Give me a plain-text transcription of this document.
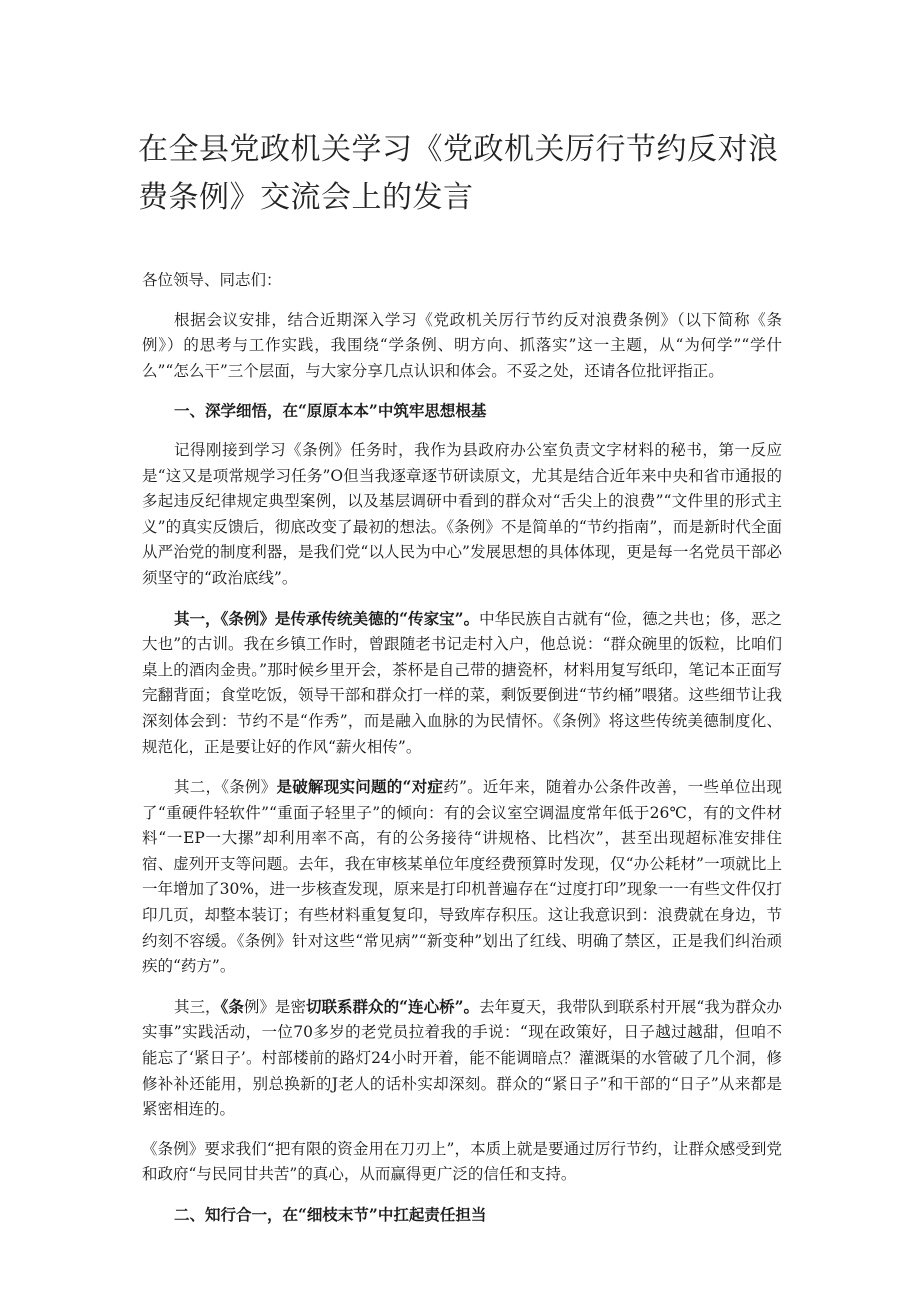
在全县党政机关学习《党政机关厉行节约反对浪费条例》交流会上的发言

各位领导、同志们：

根据会议安排，结合近期深入学习《党政机关厉行节约反对浪费条例》（以下简称《条例》）的思考与工作实践，我围绕“学条例、明方向、抓落实”这一主题，从“为何学”“学什么”“怎么干”三个层面，与大家分享几点认识和体会。不妥之处，还请各位批评指正。

一、深学细悟，在“原原本本”中筑牢思想根基

记得刚接到学习《条例》任务时，我作为县政府办公室负责文字材料的秘书，第一反应是“这又是项常规学习任务”O但当我逐章逐节研读原文，尤其是结合近年来中央和省市通报的多起违反纪律规定典型案例，以及基层调研中看到的群众对“舌尖上的浪费”“文件里的形式主义”的真实反馈后，彻底改变了最初的想法。《条例》不是简单的“节约指南”，而是新时代全面从严治党的制度利器，是我们党“以人民为中心”发展思想的具体体现，更是每一名党员干部必须坚守的“政治底线”。

其一，《条例》是传承传统美德的“传家宝”。中华民族自古就有“俭，德之共也；侈，恶之大也”的古训。我在乡镇工作时，曾跟随老书记走村入户，他总说：“群众碗里的饭粒，比咱们桌上的酒肉金贵。”那时候乡里开会，茶杯是自己带的搪瓷杯，材料用复写纸印，笔记本正面写完翻背面；食堂吃饭，领导干部和群众打一样的菜，剩饭要倒进“节约桶”喂猪。这些细节让我深刻体会到：节约不是“作秀”，而是融入血脉的为民情怀。《条例》将这些传统美德制度化、规范化，正是要让好的作风“薪火相传”。

其二，《条例》是破解现实问题的“对症药”。近年来，随着办公条件改善，一些单位出现了“重硬件轻软件”“重面子轻里子”的倾向：有的会议室空调温度常年低于26℃，有的文件材料“一EP一大摞”却利用率不高，有的公务接待“讲规格、比档次”，甚至出现超标准安排住宿、虚列开支等问题。去年，我在审核某单位年度经费预算时发现，仅“办公耗材”一项就比上一年增加了30%，进一步核查发现，原来是打印机普遍存在“过度打印”现象一一有些文件仅打印几页，却整本装订；有些材料重复复印，导致库存积压。这让我意识到：浪费就在身边，节约刻不容缓。《条例》针对这些“常见病”“新变种”划出了红线、明确了禁区，正是我们纠治顽疾的“药方”。

其三，《条例》是密切联系群众的“连心桥”。去年夏天，我带队到联系村开展“我为群众办实事”实践活动，一位70多岁的老党员拉着我的手说：“现在政策好，日子越过越甜，但咱不能忘了‘紧日子’。村部楼前的路灯24小时开着，能不能调暗点？灌溉渠的水管破了几个洞，修修补补还能用，别总换新的J老人的话朴实却深刻。群众的“紧日子”和干部的“日子”从来都是紧密相连的。

《条例》要求我们“把有限的资金用在刀刃上”，本质上就是要通过厉行节约，让群众感受到党和政府“与民同甘共苦”的真心，从而赢得更广泛的信任和支持。

二、知行合一，在“细枝末节”中扛起责任担当
